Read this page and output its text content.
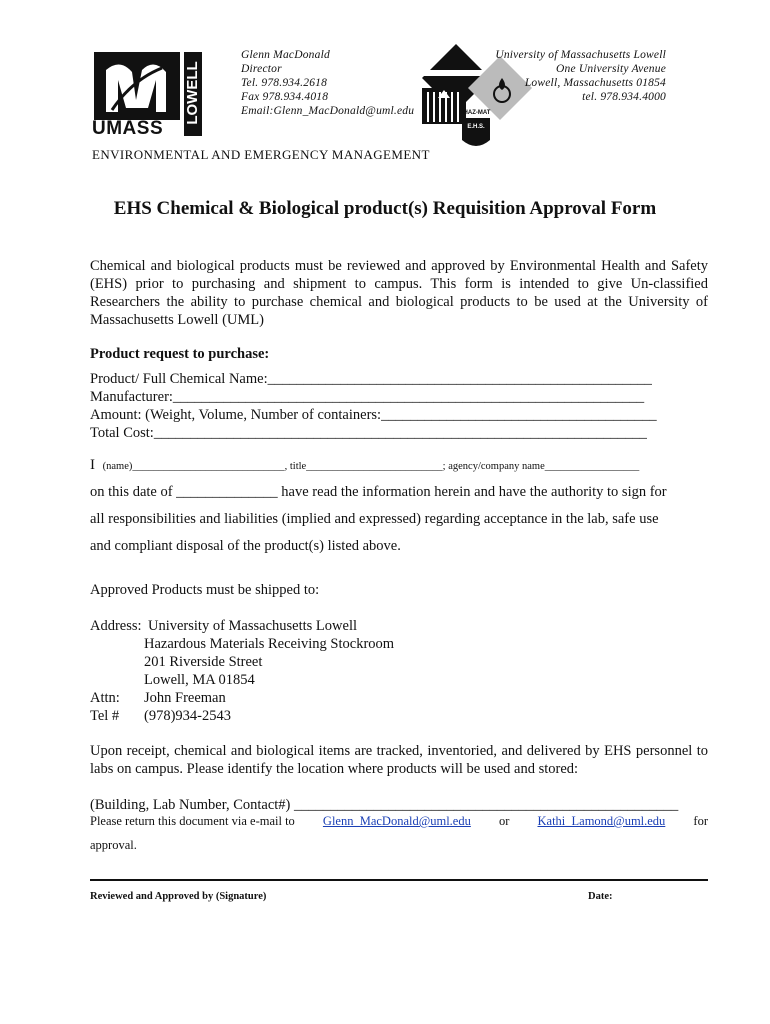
UMASS
LOWELL
Glenn MacDonald
Director
Tel. 978.934.2618
Fax 978.934.4018
Email:Glenn_MacDonald@uml.edu	HAZ-MAT
E.H.S.
University of Massachusetts Lowell
One University Avenue
Lowell, Massachusetts 01854
tel. 978.934.4000
ENVIRONMENTAL AND EMERGENCY MANAGEMENT
EHS Chemical & Biological product(s) Requisition Approval Form
Chemical and biological products must be reviewed and approved by Environmental Health and Safety (EHS) prior to purchasing and shipment to campus. This form is intended to give Un-classified Researchers the ability to purchase chemical and biological products to be used at the University of Massachusetts Lowell (UML)
Product request to purchase:
Product/ Full Chemical Name:_____________________________________________________
Manufacturer:_________________________________________________________________
Amount: (Weight, Volume, Number of containers:______________________________________
Total Cost:____________________________________________________________________
I (name)_____________________________, title__________________________; agency/company name__________________
on this date of ______________ have read the information herein and have the authority to sign for
all responsibilities and liabilities (implied and expressed) regarding acceptance in the lab, safe use
and compliant disposal of the product(s) listed above.
Approved Products must be shipped to:
Address: University of Massachusetts Lowell
Hazardous Materials Receiving Stockroom
201 Riverside Street
Lowell, MA 01854
Attn: John Freeman
Tel # (978)934-2543
Upon receipt, chemical and biological items are tracked, inventoried, and delivered by EHS personnel to labs on campus. Please identify the location where products will be used and stored:
(Building, Lab Number, Contact#) _____________________________________________________
Please return this document via e-mail to Glenn_MacDonald@uml.edu or Kathi_Lamond@uml.edu for
approval.
Reviewed and Approved by (Signature)	Date:
